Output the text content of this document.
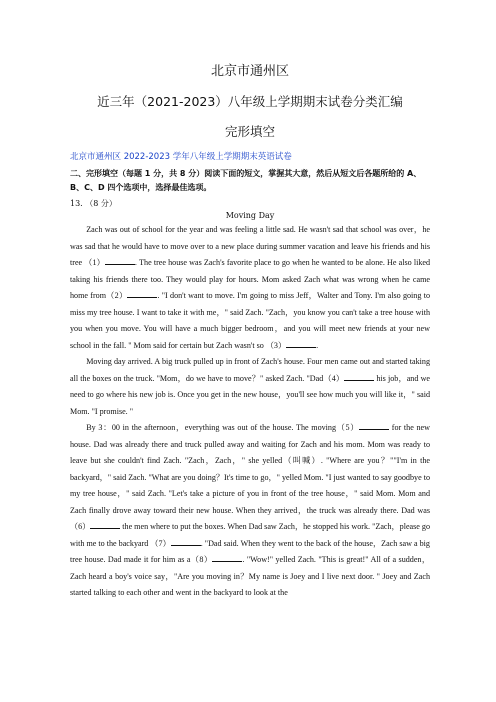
北京市通州区
近三年（2021-2023）八年级上学期期末试卷分类汇编
完形填空
北京市通州区 2022-2023 学年八年级上学期期末英语试卷
二、完形填空（每题 1 分，共 8 分）阅读下面的短文，掌握其大意，然后从短文后各题所给的 A、B、C、D 四个选项中，选择最佳选项。
13. （8 分）
Moving Day

Zach was out of school for the year and was feeling a little sad. He wasn't sad that school was over，he was sad that he would have to move over to a new place during summer vacation and leave his friends and his tree （1）	. The tree house was Zach's favorite place to go when he wanted to be alone. He also liked taking his friends there too. They would play for hours. Mom asked Zach what was wrong when he came home from（2）	. "I don't want to move. I'm going to miss Jeff，Walter and Tony. I'm also going to miss my tree house. I want to take it with me，" said Zach. "Zach，you know you can't take a tree house with you when you move. You will have a much bigger bedroom，and you will meet new friends at your new school in the fall. " Mom said for certain but Zach wasn't so （3）	.

Moving day arrived. A big truck pulled up in front of Zach's house. Four men came out and started taking all the boxes on the truck. "Mom，do we have to move？" asked Zach. "Dad（4）	his job，and we need to go where his new job is. Once you get in the new house，you'll see how much you will like it，" said Mom. "I promise. "

By 3：00 in the afternoon，everything was out of the house. The moving（5）	for the new house. Dad was already there and truck pulled away and waiting for Zach and his mom. Mom was ready to leave but she couldn't find Zach. "Zach，Zach，" she yelled（叫喊）. "Where are you？""I'm in the backyard，" said Zach. "What are you doing？It's time to go，" yelled Mom. "I just wanted to say goodbye to my tree house，" said Zach. "Let's take a picture of you in front of the tree house，" said Mom. Mom and Zach finally drove away toward their new house. When they arrived，the truck was already there. Dad was （6）	the men where to put the boxes. When Dad saw Zach，he stopped his work. "Zach，please go with me to the backyard （7）	. "Dad said. When they went to the back of the house，Zach saw a big tree house. Dad made it for him as a（8）	. "Wow!" yelled Zach. "This is great!" All of a sudden，Zach heard a boy's voice say，"Are you moving in？My name is Joey and I live next door. " Joey and Zach started talking to each other and went in the backyard to look at the
